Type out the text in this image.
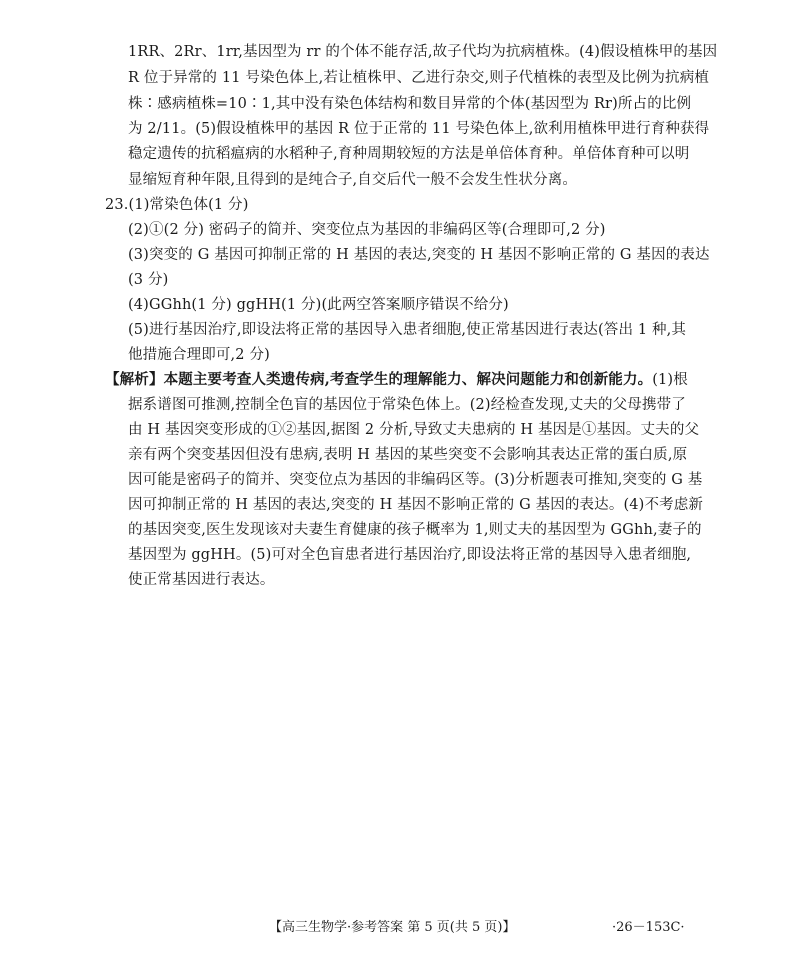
1RR、2Rr、1rr,基因型为 rr 的个体不能存活,故子代均为抗病植株。(4)假设植株甲的基因
R 位于异常的 11 号染色体上,若让植株甲、乙进行杂交,则子代植株的表型及比例为抗病植
株∶感病植株=10∶1,其中没有染色体结构和数目异常的个体(基因型为 Rr)所占的比例
为 2/11。(5)假设植株甲的基因 R 位于正常的 11 号染色体上,欲利用植株甲进行育种获得
稳定遗传的抗稻瘟病的水稻种子,育种周期较短的方法是单倍体育种。单倍体育种可以明
显缩短育种年限,且得到的是纯合子,自交后代一般不会发生性状分离。
23.(1)常染色体(1 分)
(2)①(2 分) 密码子的简并、突变位点为基因的非编码区等(合理即可,2 分)
(3)突变的 G 基因可抑制正常的 H 基因的表达,突变的 H 基因不影响正常的 G 基因的表达
(3 分)
(4)GGhh(1 分) ggHH(1 分)(此两空答案顺序错误不给分)
(5)进行基因治疗,即设法将正常的基因导入患者细胞,使正常基因进行表达(答出 1 种,其
他措施合理即可,2 分)
【解析】本题主要考查人类遗传病,考查学生的理解能力、解决问题能力和创新能力。(1)根
据系谱图可推测,控制全色盲的基因位于常染色体上。(2)经检查发现,丈夫的父母携带了
由 H 基因突变形成的①②基因,据图 2 分析,导致丈夫患病的 H 基因是①基因。丈夫的父
亲有两个突变基因但没有患病,表明 H 基因的某些突变不会影响其表达正常的蛋白质,原
因可能是密码子的简并、突变位点为基因的非编码区等。(3)分析题表可推知,突变的 G 基
因可抑制正常的 H 基因的表达,突变的 H 基因不影响正常的 G 基因的表达。(4)不考虑新
的基因突变,医生发现该对夫妻生育健康的孩子概率为 1,则丈夫的基因型为 GGhh,妻子的
基因型为 ggHH。(5)可对全色盲患者进行基因治疗,即设法将正常的基因导入患者细胞,
使正常基因进行表达。
【高三生物学·参考答案 第 5 页(共 5 页)】	·26－153C·
